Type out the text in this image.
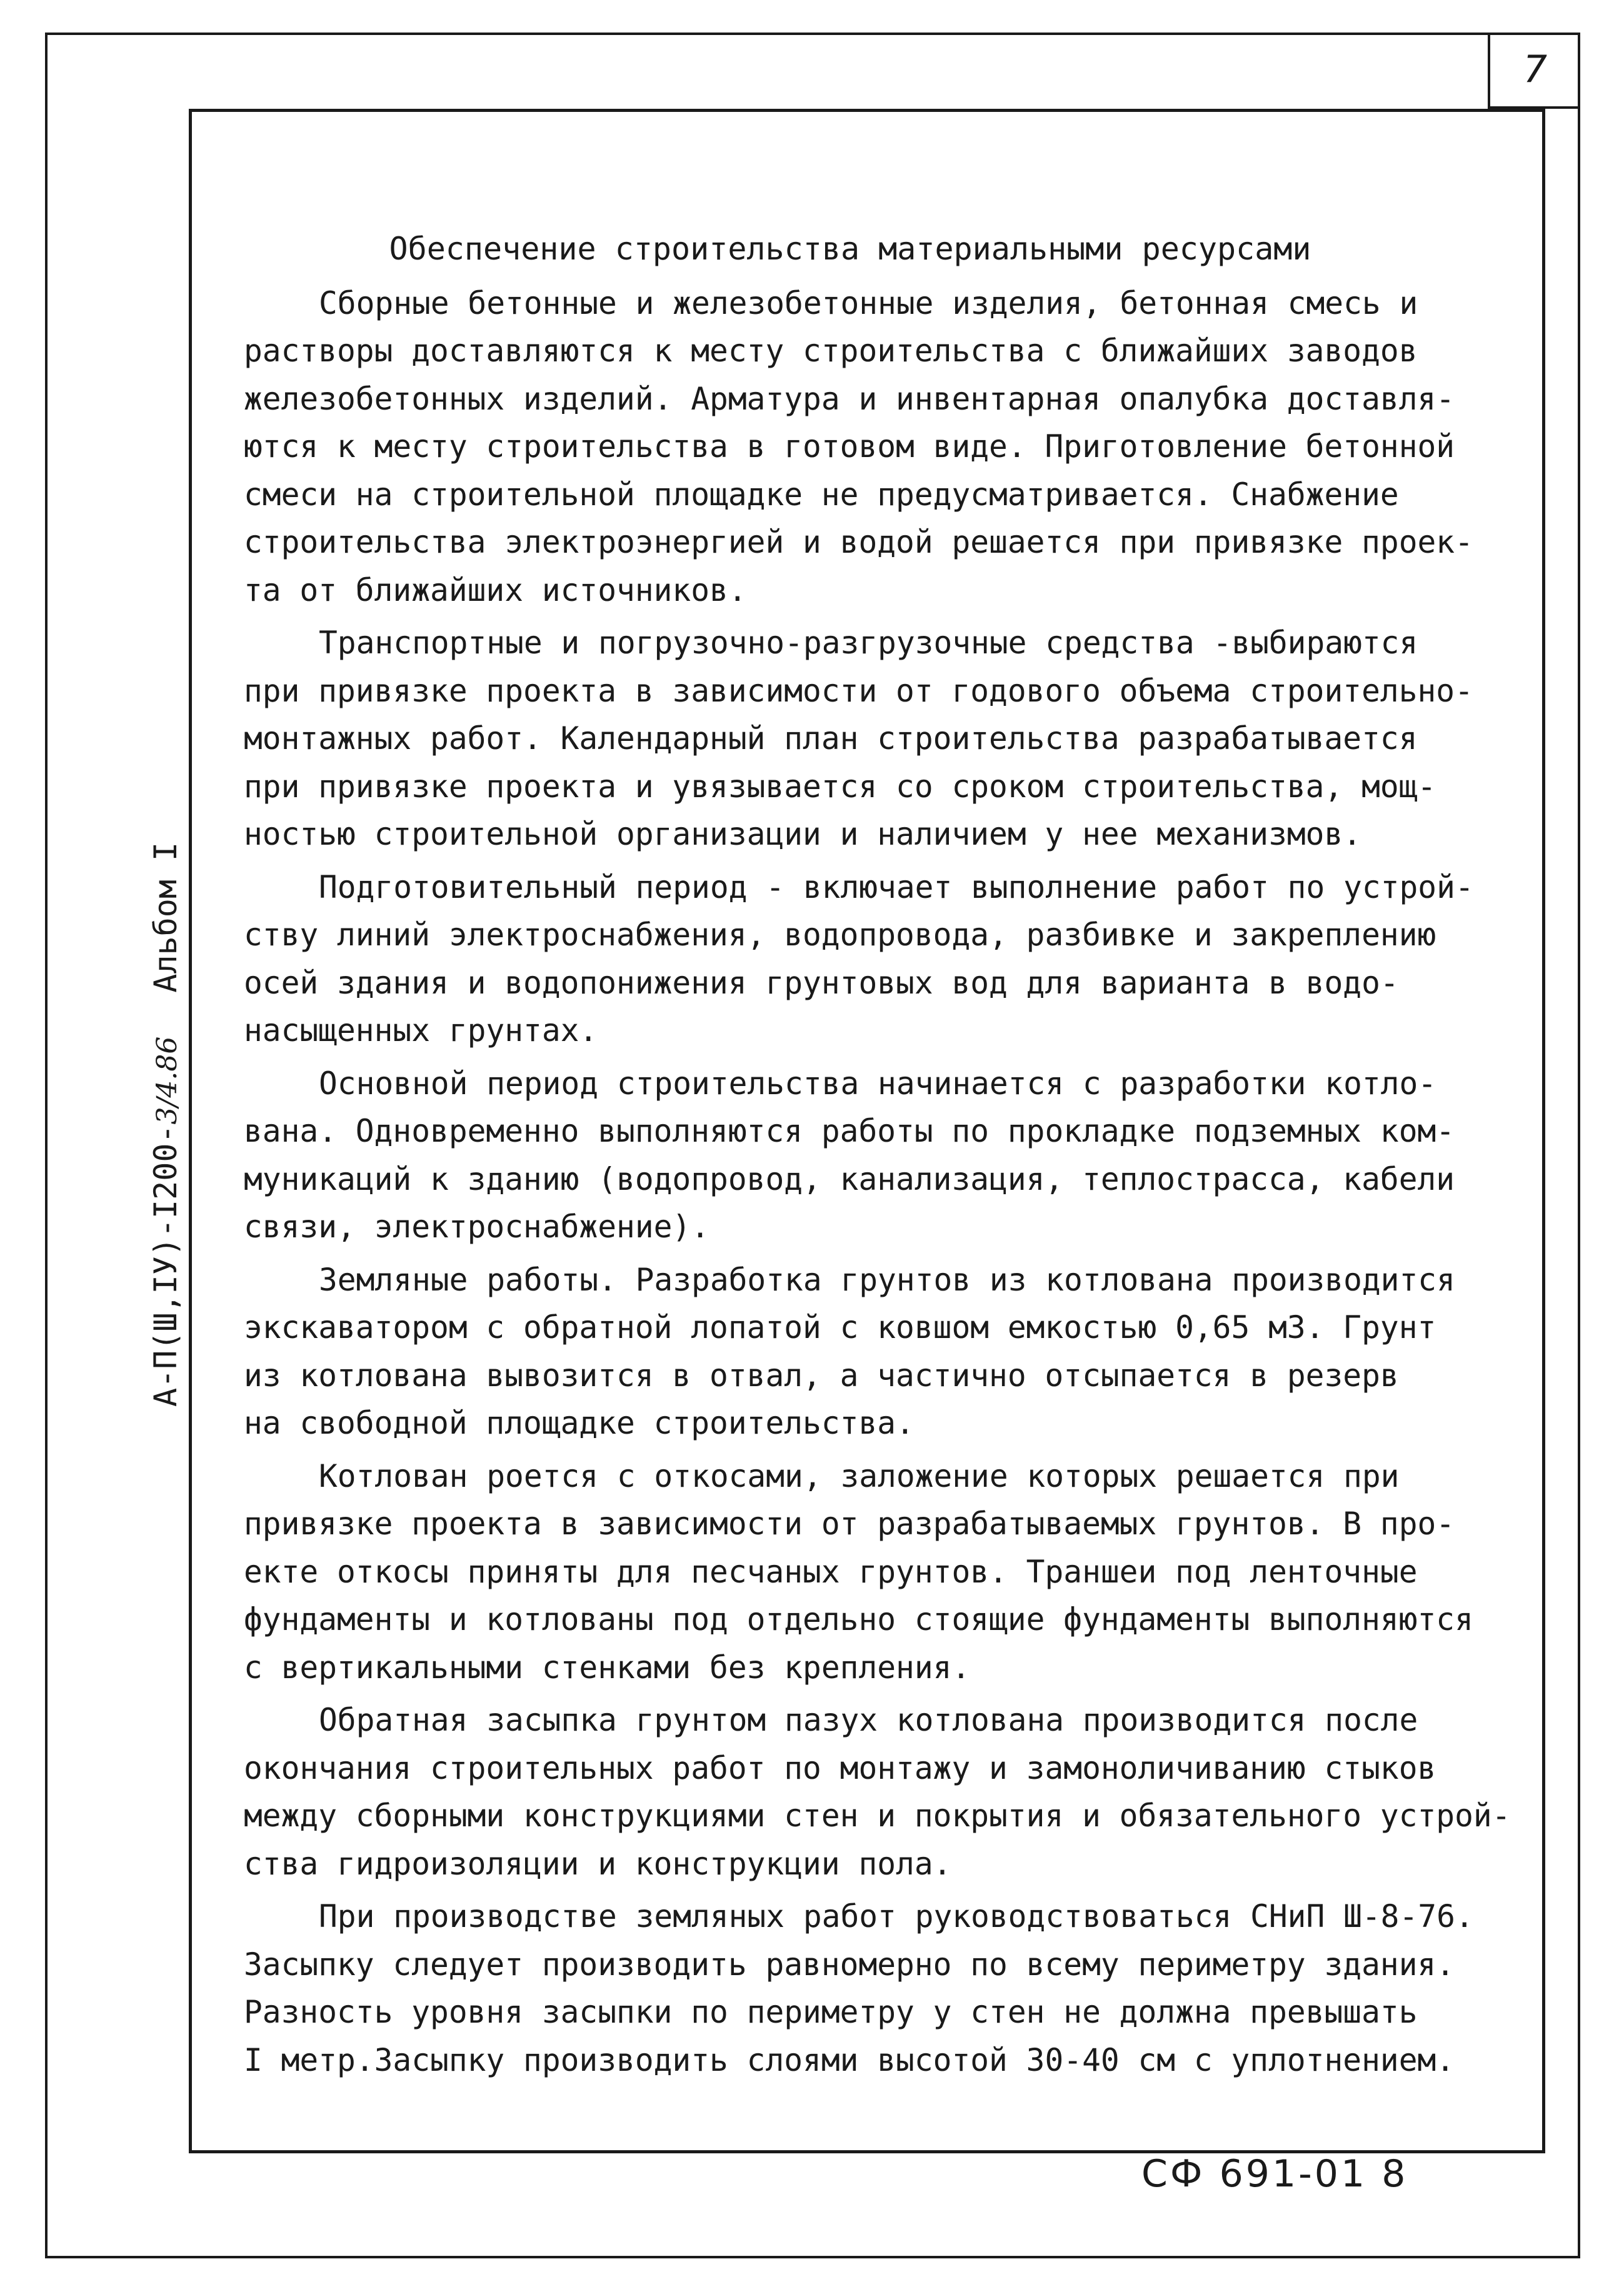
7
А-П(Ш,IУ)-I200-3/4.86
Альбом I
Обеспечение строительства материальными ресурсами
Сборные бетонные и железобетонные изделия, бетонная смесь и
растворы доставляются к месту строительства с ближайших заводов
железобетонных изделий. Арматура и инвентарная опалубка доставля-
ются к месту строительства в готовом виде. Приготовление бетонной
смеси на строительной площадке не предусматривается. Снабжение
строительства электроэнергией и водой решается при привязке проек-
та от ближайших источников.
Транспортные и погрузочно-разгрузочные средства -выбираются
при привязке проекта в зависимости от годового объема строительно-
монтажных работ. Календарный план строительства разрабатывается
при привязке проекта и увязывается со сроком строительства, мощ-
ностью строительной организации и наличием у нее механизмов.
Подготовительный период - включает выполнение работ по устрой-
ству линий электроснабжения, водопровода, разбивке и закреплению
осей здания и водопонижения грунтовых вод для варианта в водо-
насыщенных грунтах.
Основной период строительства начинается с разработки котло-
вана. Одновременно выполняются работы по прокладке подземных ком-
муникаций к зданию (водопровод, канализация, теплострасса, кабели
связи, электроснабжение).
Земляные работы. Разработка грунтов из котлована производится
экскаватором с обратной лопатой с ковшом емкостью 0,65 м3. Грунт
из котлована вывозится в отвал, а частично отсыпается в резерв
на свободной площадке строительства.
Котлован роется с откосами, заложение которых решается при
привязке проекта в зависимости от разрабатываемых грунтов. В про-
екте откосы приняты для песчаных грунтов. Траншеи под ленточные
фундаменты и котлованы под отдельно стоящие фундаменты выполняются
с вертикальными стенками без крепления.
Обратная засыпка грунтом пазух котлована производится после
окончания строительных работ по монтажу и замоноличиванию стыков
между сборными конструкциями стен и покрытия и обязательного устрой-
ства гидроизоляции и конструкции пола.
При производстве земляных работ руководствоваться СНиП Ш-8-76.
Засыпку следует производить равномерно по всему периметру здания.
Разность уровня засыпки по периметру у стен не должна превышать
I метр.Засыпку производить слоями высотой 30-40 см с уплотнением.
СФ 691-01 8
